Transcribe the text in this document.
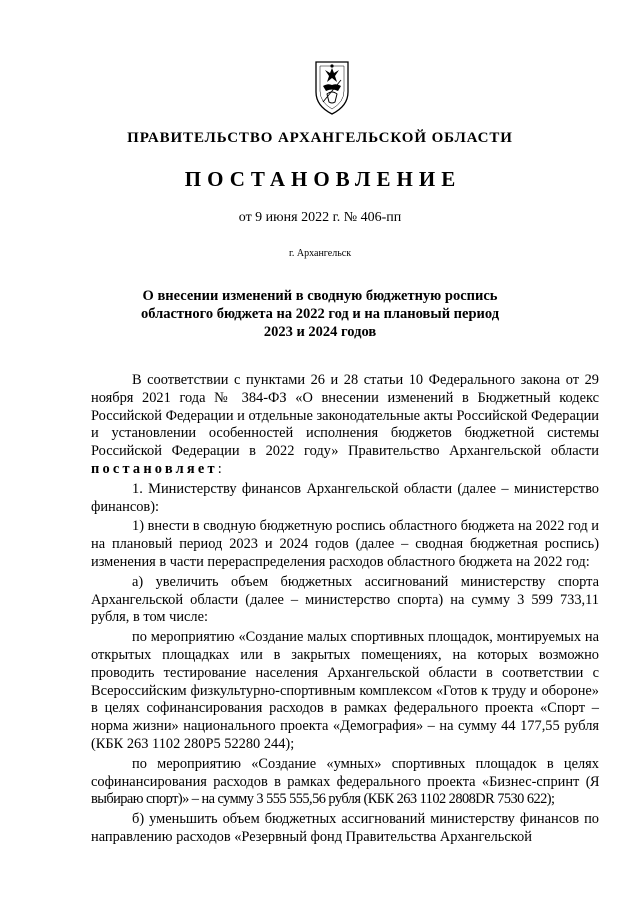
ПРАВИТЕЛЬСТВО АРХАНГЕЛЬСКОЙ ОБЛАСТИ
ПОСТАНОВЛЕНИЕ
от 9 июня 2022 г. № 406-пп
г. Архангельск
О внесении изменений в сводную бюджетную роспись
областного бюджета на 2022 год и на плановый период
2023 и 2024 годов

В соответствии с пунктами 26 и 28 статьи 10 Федерального закона от 29 ноября 2021 года № 384-ФЗ «О внесении изменений в Бюджетный кодекс Российской Федерации и отдельные законодательные акты Российской Федерации и установлении особенностей исполнения бюджетов бюджетной системы Российской Федерации в 2022 году» Правительство Архангельской области постановляет:

1. Министерству финансов Архангельской области (далее – министерство финансов):

1) внести в сводную бюджетную роспись областного бюджета на 2022 год и на плановый период 2023 и 2024 годов (далее – сводная бюджетная роспись) изменения в части перераспределения расходов областного бюджета на 2022 год:

а) увеличить объем бюджетных ассигнований министерству спорта Архангельской области (далее – министерство спорта) на сумму 3 599 733,11 рубля, в том числе:

по мероприятию «Создание малых спортивных площадок, монтируемых на открытых площадках или в закрытых помещениях, на которых возможно проводить тестирование населения Архангельской области в соответствии с Всероссийским физкультурно-спортивным комплексом «Готов к труду и обороне» в целях софинансирования расходов в рамках федерального проекта «Спорт – норма жизни» национального проекта «Демография» – на сумму 44 177,55 рубля (КБК 263 1102 280Р5 52280 244);

по мероприятию «Создание «умных» спортивных площадок в целях софинансирования расходов в рамках федерального проекта «Бизнес-спринт (Я выбираю спорт)» – на сумму 3 555 555,56 рубля (КБК 263 1102 2808DR 7530 622);

б) уменьшить объем бюджетных ассигнований министерству финансов по направлению расходов «Резервный фонд Правительства Архангельской
